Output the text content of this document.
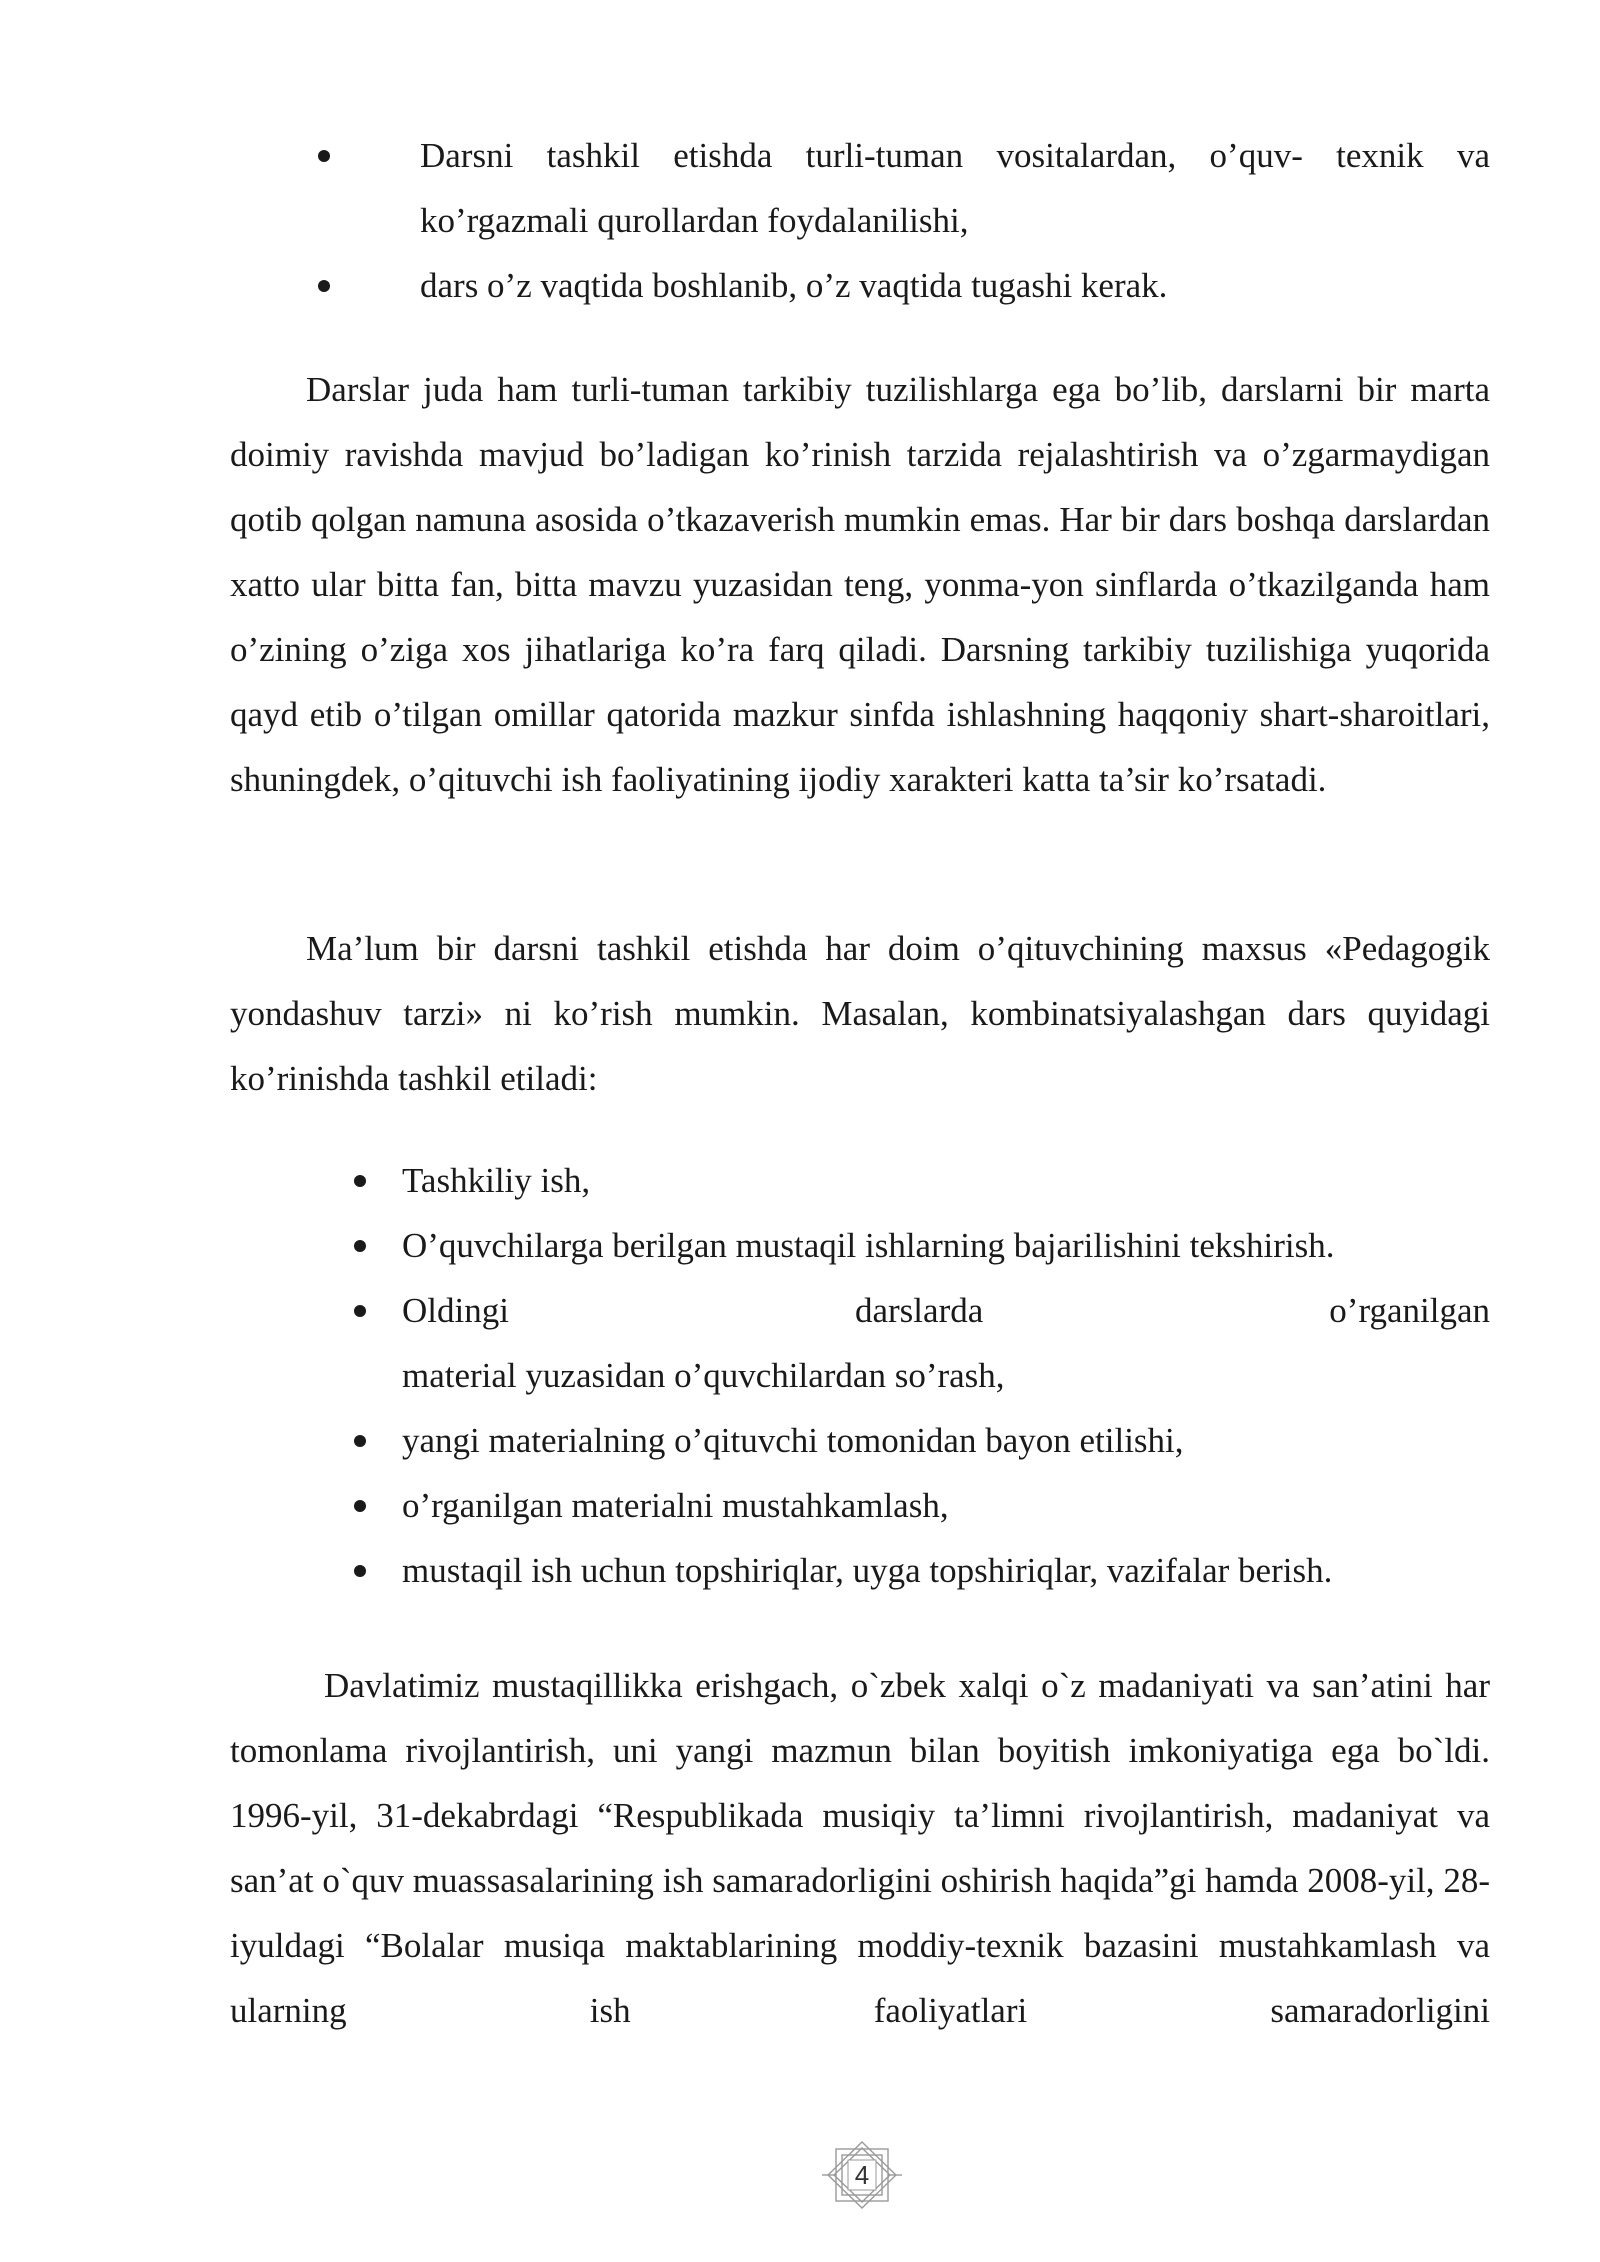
Darsni tashkil etishda turli-tuman vositalardan, o’quv- texnik va
ko’rgazmali qurollardan foydalanilishi,
dars o’z vaqtida boshlanib, o’z vaqtida tugashi kerak.

Darslar juda ham turli-tuman tarkibiy tuzilishlarga ega bo’lib, darslarni bir marta doimiy ravishda mavjud bo’ladigan ko’rinish tarzida rejalashtirish va o’zgarmaydigan qotib qolgan namuna asosida o’tkazaverish mumkin emas. Har bir dars boshqa darslardan xatto ular bitta fan, bitta mavzu yuzasidan teng, yonma-yon sinflarda o’tkazilganda ham o’zining o’ziga xos jihatlariga ko’ra farq qiladi. Darsning tarkibiy tuzilishiga yuqorida qayd etib o’tilgan omillar qatorida mazkur sinfda ishlashning haqqoniy shart-sharoitlari, shuningdek, o’qituvchi ish faoliyatining ijodiy xarakteri katta ta’sir ko’rsatadi.

Ma’lum bir darsni tashkil etishda har doim o’qituvchining maxsus «Pedagogik yondashuv tarzi» ni ko’rish mumkin. Masalan, kombinatsiyalashgan dars quyidagi ko’rinishda tashkil etiladi:

Tashkiliy ish,
O’quvchilarga berilgan mustaqil ishlarning bajarilishini tekshirish.
Oldingi darslarda o’rganilgan
material yuzasidan o’quvchilardan so’rash,
yangi materialning o’qituvchi tomonidan bayon etilishi,
o’rganilgan materialni mustahkamlash,
mustaqil ish uchun topshiriqlar, uyga topshiriqlar, vazifalar berish.

Davlatimiz mustaqillikka erishgach, o`zbek xalqi o`z madaniyati va san’atini har tomonlama rivojlantirish, uni yangi mazmun bilan boyitish imkoniyatiga ega bo`ldi. 1996-yil, 31-dekabrdagi “Respublikada musiqiy ta’limni rivojlantirish, madaniyat va san’at o`quv muassasalarining ish samaradorligini oshirish haqida”gi hamda 2008-yil, 28- iyuldagi “Bolalar musiqa maktablarining moddiy-texnik bazasini mustahkamlash va ularning ish faoliyatlari samaradorligini

4
